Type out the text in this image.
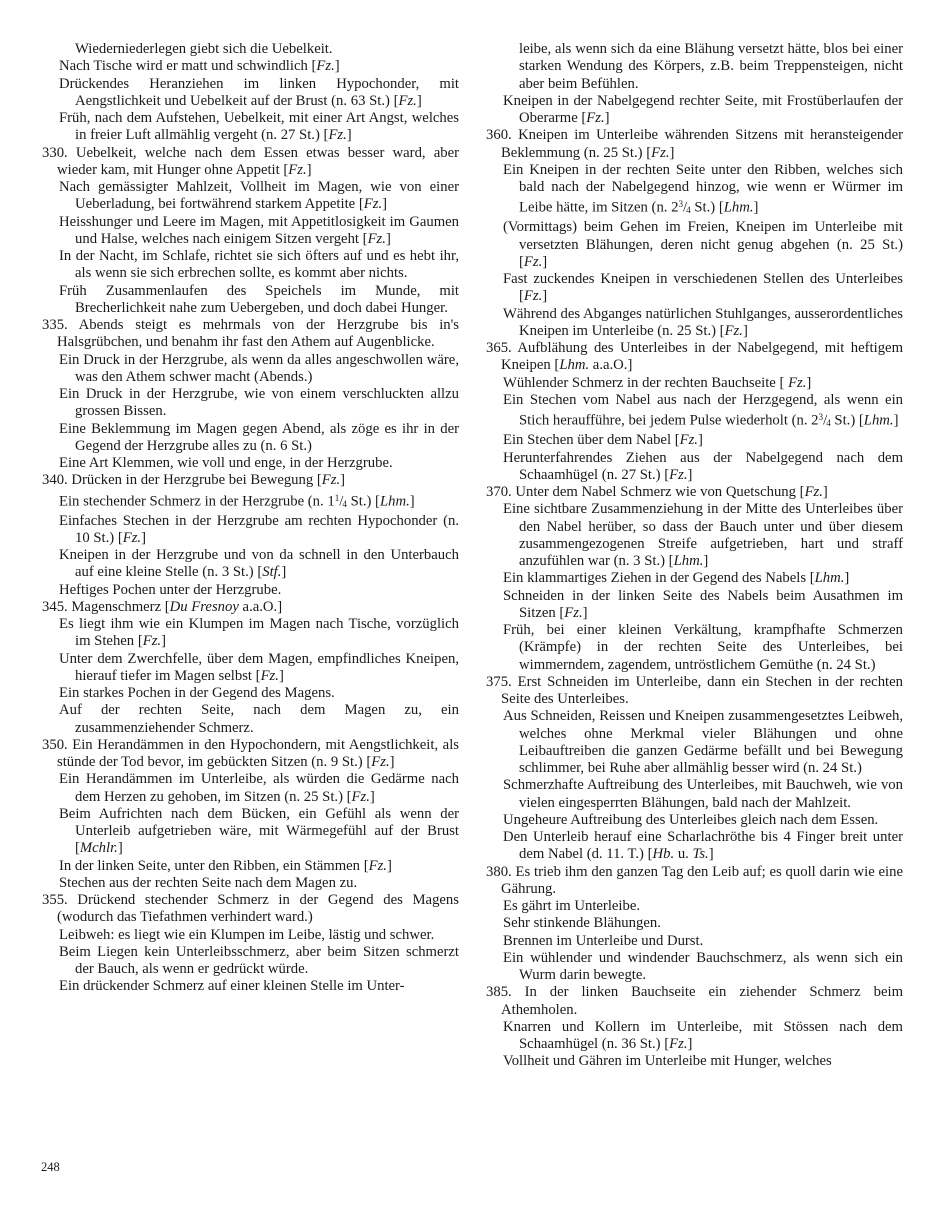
Wiederniederlegen giebt sich die Uebelkeit.

Nach Tische wird er matt und schwindlich [Fz.]

Drückendes Heranziehen im linken Hypochonder, mit Aengstlichkeit und Uebelkeit auf der Brust (n. 63 St.) [Fz.]

Früh, nach dem Aufstehen, Uebelkeit, mit einer Art Angst, welches in freier Luft allmählig vergeht (n. 27 St.) [Fz.]

330. Uebelkeit, welche nach dem Essen etwas besser ward, aber wieder kam, mit Hunger ohne Appetit [Fz.]

Nach gemässigter Mahlzeit, Vollheit im Magen, wie von einer Ueberladung, bei fortwährend starkem Appetite [Fz.]

Heisshunger und Leere im Magen, mit Appetitlosigkeit im Gaumen und Halse, welches nach einigem Sitzen vergeht [Fz.]

In der Nacht, im Schlafe, richtet sie sich öfters auf und es hebt ihr, als wenn sie sich erbrechen sollte, es kommt aber nichts.

Früh Zusammenlaufen des Speichels im Munde, mit Brecherlichkeit nahe zum Uebergeben, und doch dabei Hunger.

335. Abends steigt es mehrmals von der Herzgrube bis in's Halsgrübchen, und benahm ihr fast den Athem auf Augenblicke.

Ein Druck in der Herzgrube, als wenn da alles angeschwollen wäre, was den Athem schwer macht (Abends.)

Ein Druck in der Herzgrube, wie von einem verschluckten allzu grossen Bissen.

Eine Beklemmung im Magen gegen Abend, als zöge es ihr in der Gegend der Herzgrube alles zu (n. 6 St.)

Eine Art Klemmen, wie voll und enge, in der Herzgrube.

340. Drücken in der Herzgrube bei Bewegung [Fz.]

Ein stechender Schmerz in der Herzgrube (n. $1^1/4$ St.) [Lhm.]

Einfaches Stechen in der Herzgrube am rechten Hypochonder (n. 10 St.) [Fz.]

Kneipen in der Herzgrube und von da schnell in den Unterbauch auf eine kleine Stelle (n. 3 St.) [Stf.]

Heftiges Pochen unter der Herzgrube.

345. Magenschmerz [Du Fresnoy a.a.O.]

Es liegt ihm wie ein Klumpen im Magen nach Tische, vorzüglich im Stehen [Fz.]

Unter dem Zwerchfelle, über dem Magen, empfindliches Kneipen, hierauf tiefer im Magen selbst [Fz.]

Ein starkes Pochen in der Gegend des Magens.

Auf der rechten Seite, nach dem Magen zu, ein zusammenziehender Schmerz.

350. Ein Herandämmen in den Hypochondern, mit Aengstlichkeit, als stünde der Tod bevor, im gebückten Sitzen (n. 9 St.) [Fz.]

Ein Herandämmen im Unterleibe, als würden die Gedärme nach dem Herzen zu gehoben, im Sitzen (n. 25 St.) [Fz.]

Beim Aufrichten nach dem Bücken, ein Gefühl als wenn der Unterleib aufgetrieben wäre, mit Wärmegefühl auf der Brust [Mchlr.]

In der linken Seite, unter den Ribben, ein Stämmen [Fz.]

Stechen aus der rechten Seite nach dem Magen zu.

355. Drückend stechender Schmerz in der Gegend des Magens (wodurch das Tiefathmen verhindert ward.)

Leibweh: es liegt wie ein Klumpen im Leibe, lästig und schwer.

Beim Liegen kein Unterleibsschmerz, aber beim Sitzen schmerzt der Bauch, als wenn er gedrückt würde.

Ein drückender Schmerz auf einer kleinen Stelle im Unter-

leibe, als wenn sich da eine Blähung versetzt hätte, blos bei einer starken Wendung des Körpers, z.B. beim Treppensteigen, nicht aber beim Befühlen.

Kneipen in der Nabelgegend rechter Seite, mit Frostüberlaufen der Oberarme [Fz.]

360. Kneipen im Unterleibe währenden Sitzens mit heransteigender Beklemmung (n. 25 St.) [Fz.]

Ein Kneipen in der rechten Seite unter den Ribben, welches sich bald nach der Nabelgegend hinzog, wie wenn er Würmer im Leibe hätte, im Sitzen (n. $2^3/4$ St.) [Lhm.]

(Vormittags) beim Gehen im Freien, Kneipen im Unterleibe mit versetzten Blähungen, deren nicht genug abgehen (n. 25 St.) [Fz.]

Fast zuckendes Kneipen in verschiedenen Stellen des Unterleibes [Fz.]

Während des Abganges natürlichen Stuhlganges, ausserordentliches Kneipen im Unterleibe (n. 25 St.) [Fz.]

365. Aufblähung des Unterleibes in der Nabelgegend, mit heftigem Kneipen [Lhm. a.a.O.]

Wühlender Schmerz in der rechten Bauchseite [ Fz.]

Ein Stechen vom Nabel aus nach der Herzgegend, als wenn ein Stich heraufführe, bei jedem Pulse wiederholt (n. $2^3/4$ St.) [Lhm.]

Ein Stechen über dem Nabel [Fz.]

Herunterfahrendes Ziehen aus der Nabelgegend nach dem Schaamhügel (n. 27 St.) [Fz.]

370. Unter dem Nabel Schmerz wie von Quetschung [Fz.]

Eine sichtbare Zusammenziehung in der Mitte des Unterleibes über den Nabel herüber, so dass der Bauch unter und über diesem zusammengezogenen Streife aufgetrieben, hart und straff anzufühlen war (n. 3 St.) [Lhm.]

Ein klammartiges Ziehen in der Gegend des Nabels [Lhm.]

Schneiden in der linken Seite des Nabels beim Ausathmen im Sitzen [Fz.]

Früh, bei einer kleinen Verkältung, krampfhafte Schmerzen (Krämpfe) in der rechten Seite des Unterleibes, bei wimmerndem, zagendem, untröstlichem Gemüthe (n. 24 St.)

375. Erst Schneiden im Unterleibe, dann ein Stechen in der rechten Seite des Unterleibes.

Aus Schneiden, Reissen und Kneipen zusammengesetztes Leibweh, welches ohne Merkmal vieler Blähungen und ohne Leibauftreiben die ganzen Gedärme befällt und bei Bewegung schlimmer, bei Ruhe aber allmählig besser wird (n. 24 St.)

Schmerzhafte Auftreibung des Unterleibes, mit Bauchweh, wie von vielen eingesperrten Blähungen, bald nach der Mahlzeit.

Ungeheure Auftreibung des Unterleibes gleich nach dem Essen.

Den Unterleib herauf eine Scharlachröthe bis 4 Finger breit unter dem Nabel (d. 11. T.) [Hb. u. Ts.]

380. Es trieb ihm den ganzen Tag den Leib auf; es quoll darin wie eine Gährung.

Es gährt im Unterleibe.

Sehr stinkende Blähungen.

Brennen im Unterleibe und Durst.

Ein wühlender und windender Bauchschmerz, als wenn sich ein Wurm darin bewegte.

385. In der linken Bauchseite ein ziehender Schmerz beim Athemholen.

Knarren und Kollern im Unterleibe, mit Stössen nach dem Schaamhügel (n. 36 St.) [Fz.]

Vollheit und Gähren im Unterleibe mit Hunger, welches

248
